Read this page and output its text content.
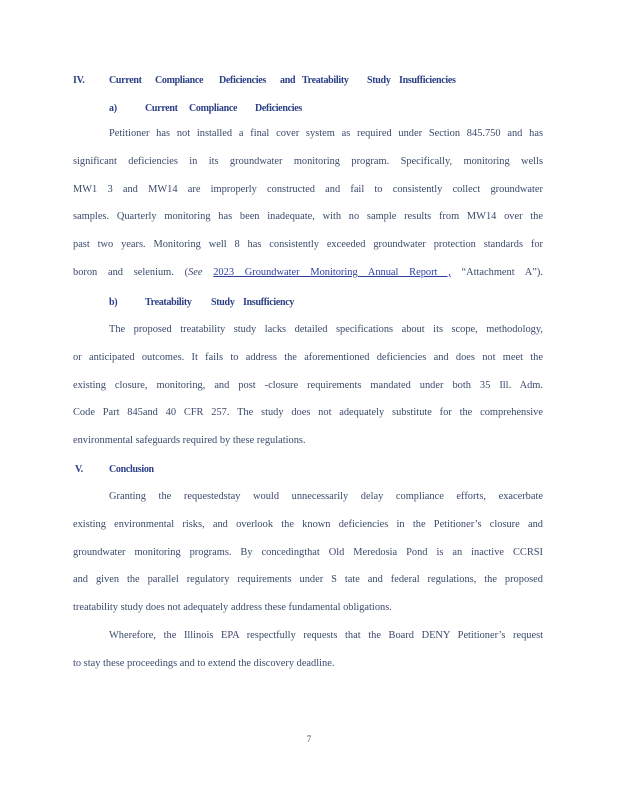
IV. Current Compliance Deficiencies and Treatability Study Insufficiencies
a)	Current Compliance Deficiencies
Petitioner has not installed a final cover system as required under Section 845.750 and has
significant deficiencies in its groundwater monitoring program. Specifically, monitoring wells
MW1 3 and MW14 are improperly constructed and fail to consistently collect groundwater
samples. Quarterly monitoring has been inadequate, with no sample results from MW14 over the
past two years. Monitoring well 8 has consistently exceeded groundwater protection standards for
boron and selenium. (See 2023 Groundwater Monitoring Annual Report , “Attachment A”).
b)	Treatability Study Insufficiency
The proposed treatability study lacks detailed specifications about its scope, methodology,
or anticipated outcomes. It fails to address the aforementioned deficiencies and does not meet the
existing closure, monitoring, and post -closure requirements mandated under both 35 Ill. Adm.
Code Part 845and 40 CFR 257. The study does not adequately substitute for the comprehensive
environmental safeguards required by these regulations.
V.	Conclusion
Granting the requestedstay would unnecessarily delay compliance efforts, exacerbate
existing environmental risks, and overlook the known deficiencies in the Petitioner’s closure and
groundwater monitoring programs. By concedingthat Old Meredosia Pond is an inactive CCRSI
and given the parallel regulatory requirements under S tate and federal regulations, the proposed
treatability study does not adequately address these fundamental obligations.
Wherefore, the Illinois EPA respectfully requests that the Board DENY Petitioner’s request
to stay these proceedings and to extend the discovery deadline.
7
